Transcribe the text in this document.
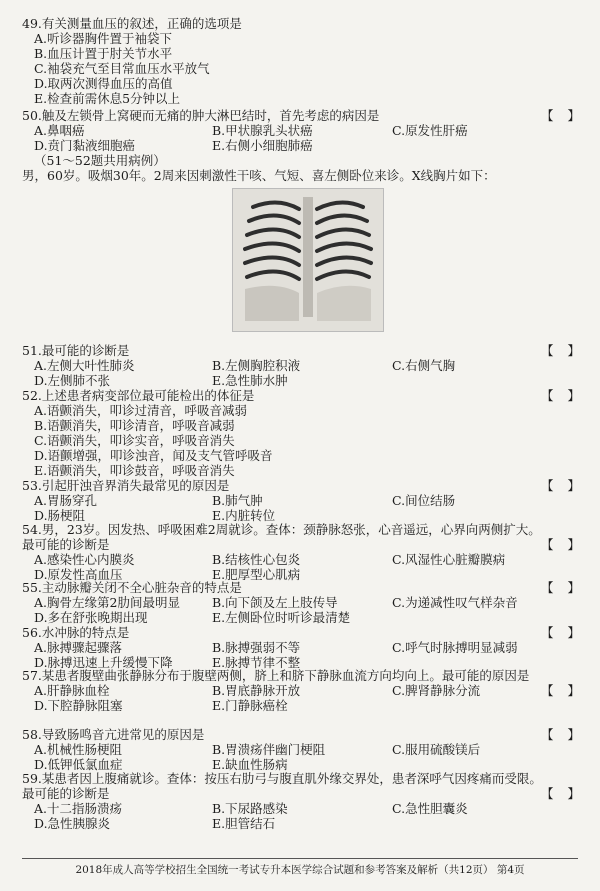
49.有关测量血压的叙述，正确的选项是
A.听诊器胸件置于袖袋下
B.血压计置于肘关节水平
C.袖袋充气至目常血压水平放气
D.取两次测得血压的高值
E.检查前需休息5分钟以上
50.触及左锁骨上窝硬而无痛的肿大淋巴结时，首先考虑的病因是	【】
A.鼻咽癌	B.甲状腺乳头状癌	C.原发性肝癌
D.贲门黏液细胞癌	E.右侧小细胞肺癌
（51～52题共用病例）
男，60岁。吸烟30年。2周来因刺激性干咳、气短、喜左侧卧位来诊。X线胸片如下：
51.最可能的诊断是	【】
A.左侧大叶性肺炎	B.左侧胸腔积液	C.右侧气胸
D.左侧肺不张	E.急性肺水肿
52.上述患者病变部位最可能检出的体征是	【】
A.语颤消失，叩诊过清音，呼吸音减弱
B.语颤消失，叩诊清音，呼吸音减弱
C.语颤消失，叩诊实音，呼吸音消失
D.语颤增强，叩诊浊音，闻及支气管呼吸音
E.语颤消失，叩诊鼓音，呼吸音消失
53.引起肝浊音界消失最常见的原因是	【】
A.胃肠穿孔	B.肺气肿	C.间位结肠
D.肠梗阻	E.内脏转位
54.男，23岁。因发热、呼吸困难2周就诊。查体：颈静脉怒张，心音遥远，心界向两侧扩大。最可能的诊断是	【】
A.感染性心内膜炎	B.结核性心包炎	C.风湿性心脏瓣膜病
D.原发性高血压	E.肥厚型心肌病
55.主动脉瓣关闭不全心脏杂音的特点是	【】
A.胸骨左缘第2肋间最明显	B.向下颌及左上肢传导	C.为递减性叹气样杂音
D.多在舒张晚期出现	E.左侧卧位时听诊最清楚
56.水冲脉的特点是	【】
A.脉搏骤起骤落	B.脉搏强弱不等	C.呼气时脉搏明显减弱
D.脉搏迅速上升缓慢下降	E.脉搏节律不整
57.某患者腹壁曲张静脉分布于腹壁两侧，脐上和脐下静脉血流方向均向上。最可能的原因是
【】
A.肝静脉血栓	B.胃底静脉开放	C.脾肾静脉分流
D.下腔静脉阻塞	E.门静脉癌栓
58.导致肠鸣音亢进常见的原因是	【】
A.机械性肠梗阻	B.胃溃疡伴幽门梗阻	C.服用硫酸镁后
D.低钾低氯血症	E.缺血性肠病
59.某患者因上腹痛就诊。查体：按压右肋弓与腹直肌外缘交界处，患者深呼气因疼痛而受限。最可能的诊断是	【】
A.十二指肠溃疡	B.下尿路感染	C.急性胆囊炎
D.急性胰腺炎	E.胆管结石
2018年成人高等学校招生全国统一考试专升本医学综合试题和参考答案及解析（共12页） 第4页
